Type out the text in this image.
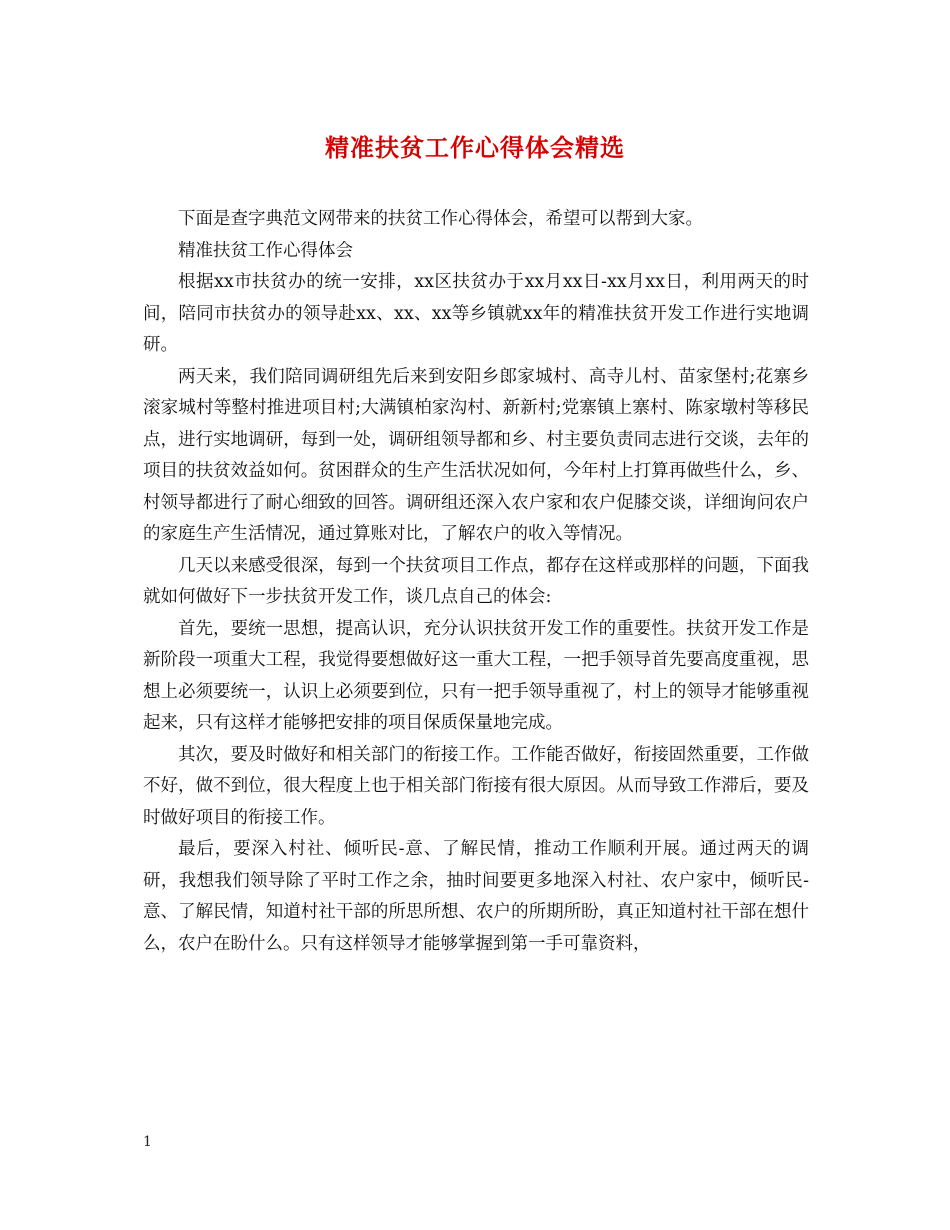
精准扶贫工作心得体会精选

下面是查字典范文网带来的扶贫工作心得体会，希望可以帮到大家。

精准扶贫工作心得体会

根据xx市扶贫办的统一安排，xx区扶贫办于xx月xx日-xx月xx日，利用两天的时间，陪同市扶贫办的领导赴xx、xx、xx等乡镇就xx年的精准扶贫开发工作进行实地调研。

两天来，我们陪同调研组先后来到安阳乡郎家城村、高寺儿村、苗家堡村;花寨乡滚家城村等整村推进项目村;大满镇柏家沟村、新新村;党寨镇上寨村、陈家墩村等移民点，进行实地调研，每到一处，调研组领导都和乡、村主要负责同志进行交谈，去年的项目的扶贫效益如何。贫困群众的生产生活状况如何，今年村上打算再做些什么，乡、村领导都进行了耐心细致的回答。调研组还深入农户家和农户促膝交谈，详细询问农户的家庭生产生活情况，通过算账对比，了解农户的收入等情况。

几天以来感受很深，每到一个扶贫项目工作点，都存在这样或那样的问题，下面我就如何做好下一步扶贫开发工作，谈几点自己的体会:

首先，要统一思想，提高认识，充分认识扶贫开发工作的重要性。扶贫开发工作是新阶段一项重大工程，我觉得要想做好这一重大工程，一把手领导首先要高度重视，思想上必须要统一，认识上必须要到位，只有一把手领导重视了，村上的领导才能够重视起来，只有这样才能够把安排的项目保质保量地完成。

其次，要及时做好和相关部门的衔接工作。工作能否做好，衔接固然重要，工作做不好，做不到位，很大程度上也于相关部门衔接有很大原因。从而导致工作滞后，要及时做好项目的衔接工作。

最后，要深入村社、倾听民-意、了解民情，推动工作顺利开展。通过两天的调研，我想我们领导除了平时工作之余，抽时间要更多地深入村社、农户家中，倾听民-意、了解民情，知道村社干部的所思所想、农户的所期所盼，真正知道村社干部在想什么，农户在盼什么。只有这样领导才能够掌握到第一手可靠资料，

1
